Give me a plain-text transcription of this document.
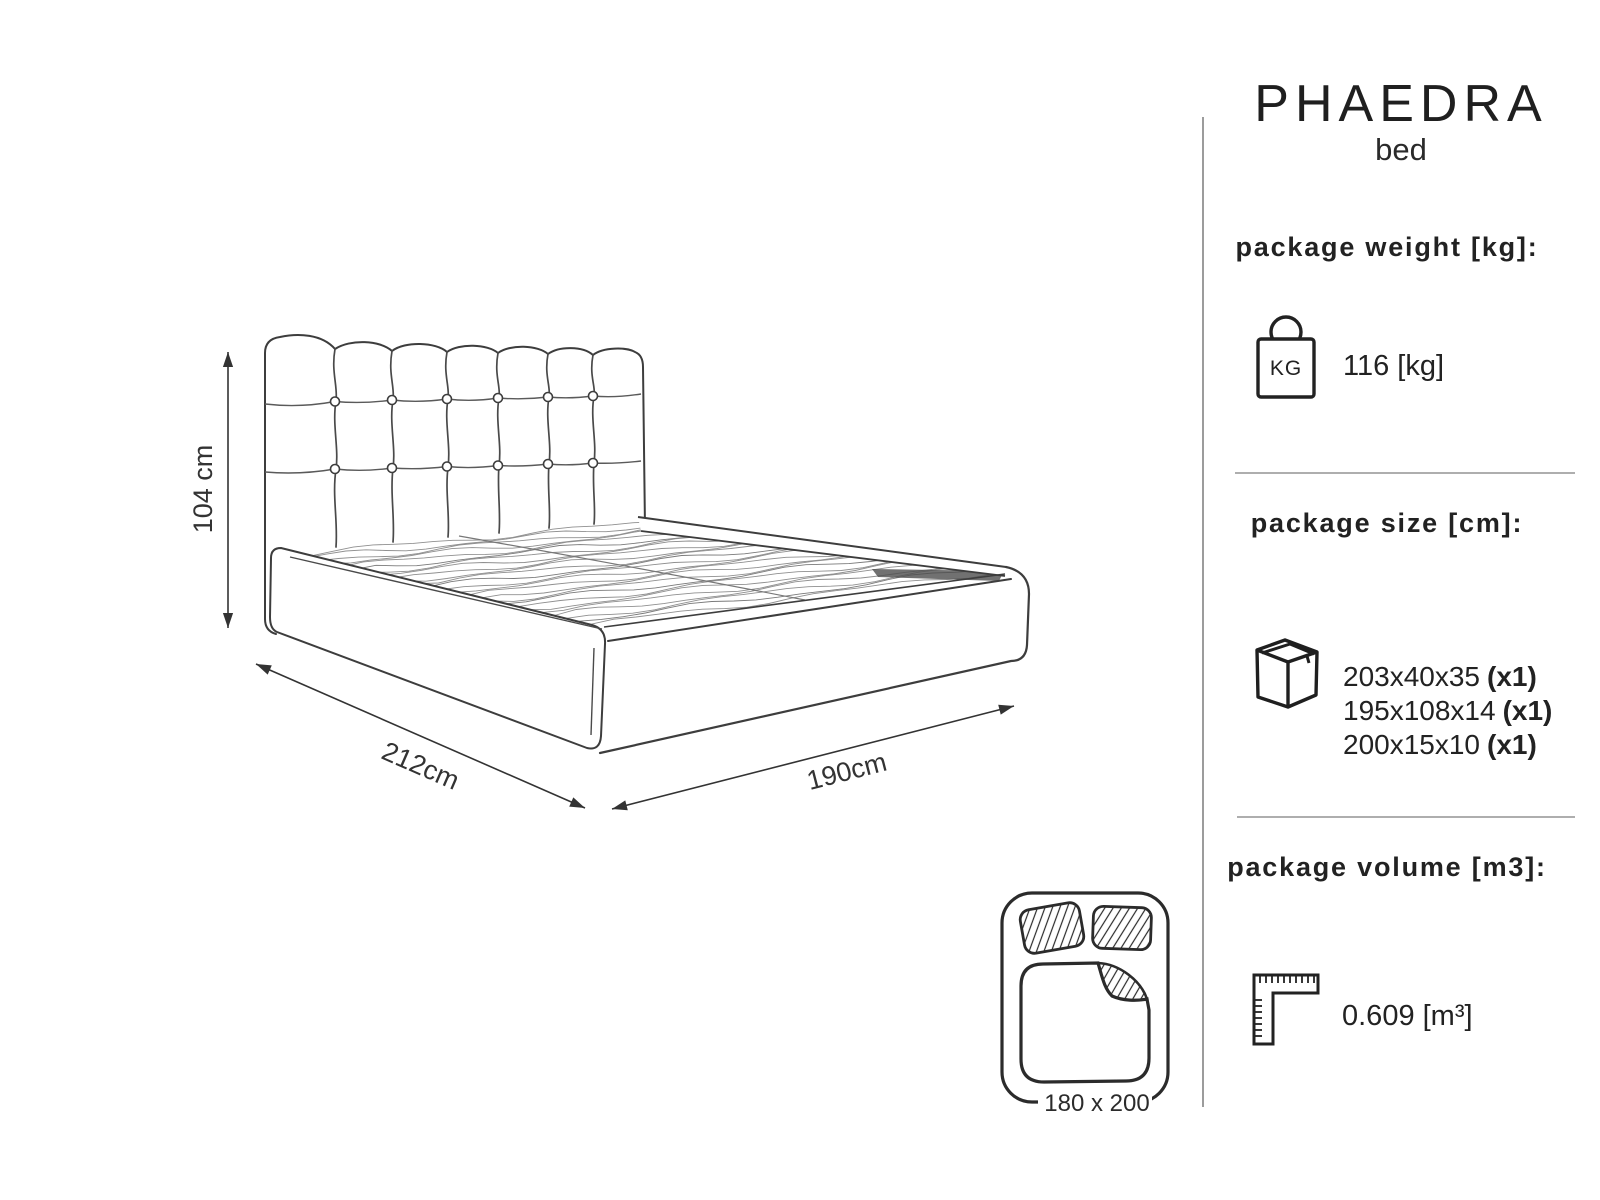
104 cm
212cm	190cm
180 x 200
PHAEDRA
bed
package weight [kg]:
KG 116 [kg]
package size [cm]:
203x40x35 (x1)
195x108x14 (x1)
200x15x10 (x1)
package volume [m3]:
0.609 [m³]
